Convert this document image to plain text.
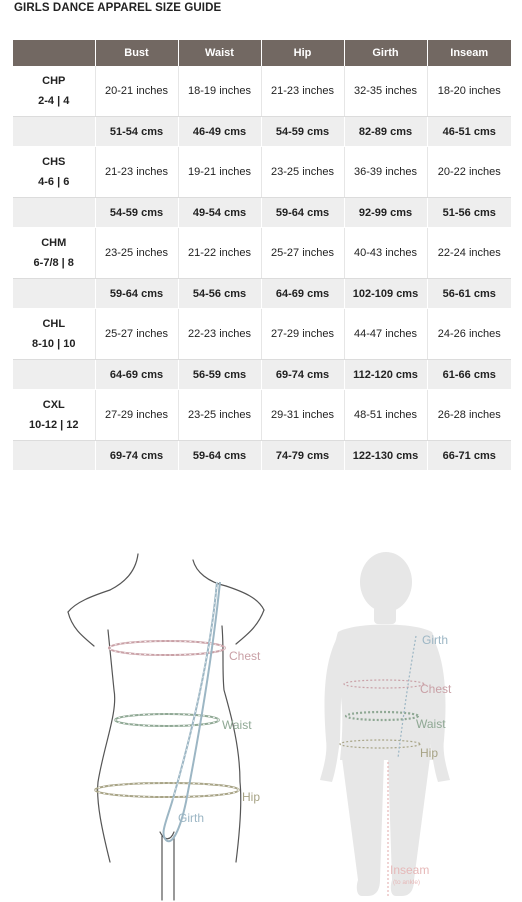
GIRLS DANCE APPAREL SIZE GUIDE
	Bust	Waist	Hip	Girth	Inseam
CHP
2-4 | 4	20-21 inches	18-19 inches	21-23 inches	32-35 inches	18-20 inches
	51-54 cms	46-49 cms	54-59 cms	82-89 cms	46-51 cms
CHS
4-6 | 6	21-23 inches	19-21 inches	23-25 inches	36-39 inches	20-22 inches
	54-59 cms	49-54 cms	59-64 cms	92-99 cms	51-56 cms
CHM
6-7/8 | 8	23-25 inches	21-22 inches	25-27 inches	40-43 inches	22-24 inches
	59-64 cms	54-56 cms	64-69 cms	102-109 cms	56-61 cms
CHL
8-10 | 10	25-27 inches	22-23 inches	27-29 inches	44-47 inches	24-26 inches
	64-69 cms	56-59 cms	69-74 cms	112-120 cms	61-66 cms
CXL
10-12 | 12	27-29 inches	23-25 inches	29-31 inches	48-51 inches	26-28 inches
	69-74 cms	59-64 cms	74-79 cms	122-130 cms	66-71 cms
Chest
Waist
Hip
Girth
Girth
Chest
Waist
Hip
Inseam
(to ankle)
